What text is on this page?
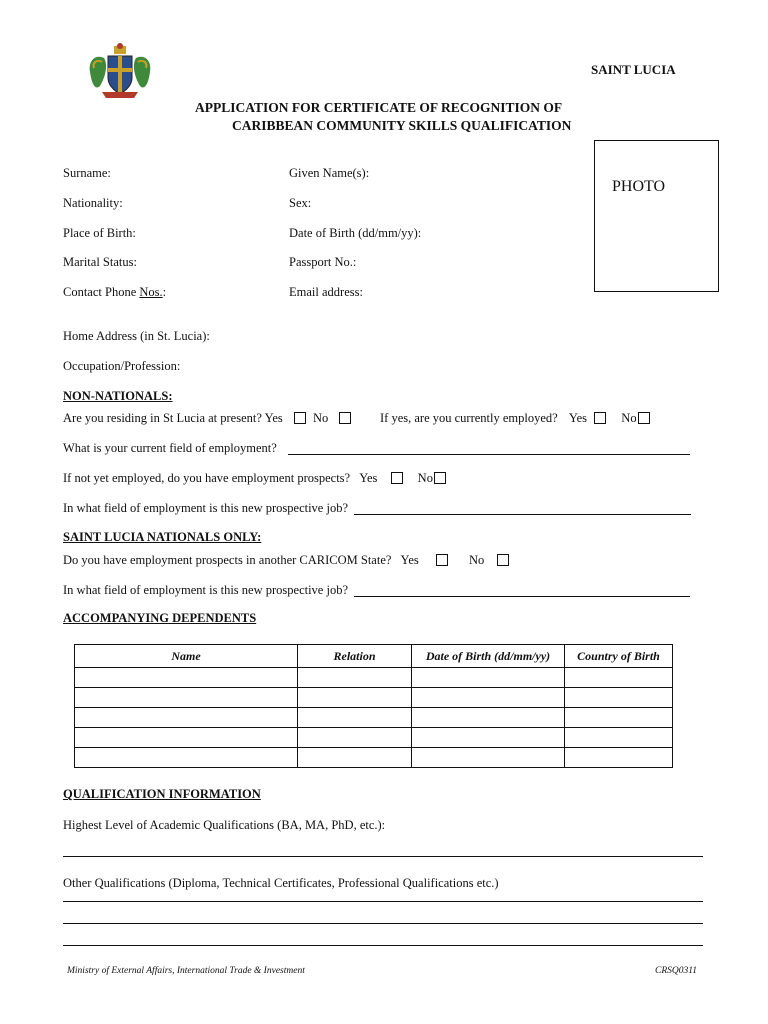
SAINT LUCIA
APPLICATION FOR CERTIFICATE OF RECOGNITION OF
CARIBBEAN COMMUNITY SKILLS QUALIFICATION
PHOTO
Surname:	Given Name(s):
Nationality:	Sex:
Place of Birth:	Date of Birth (dd/mm/yy):
Marital Status:	Passport No.:
Contact Phone Nos.:	Email address:
Home Address (in St. Lucia):
Occupation/Profession:
NON-NATIONALS:
Are you residing in St Lucia at present? Yes No	If yes, are you currently employed? Yes	No
What is your current field of employment?
If not yet employed, do you have employment prospects? Yes	No
In what field of employment is this new prospective job?
SAINT LUCIA NATIONALS ONLY:
Do you have employment prospects in another CARICOM State? Yes	No
In what field of employment is this new prospective job?
ACCOMPANYING DEPENDENTS
Name	Relation	Date of Birth (dd/mm/yy)	Country of Birth

QUALIFICATION INFORMATION
Highest Level of Academic Qualifications (BA, MA, PhD, etc.):
Other Qualifications (Diploma, Technical Certificates, Professional Qualifications etc.)
Ministry of External Affairs, International Trade & Investment	CRSQ0311
